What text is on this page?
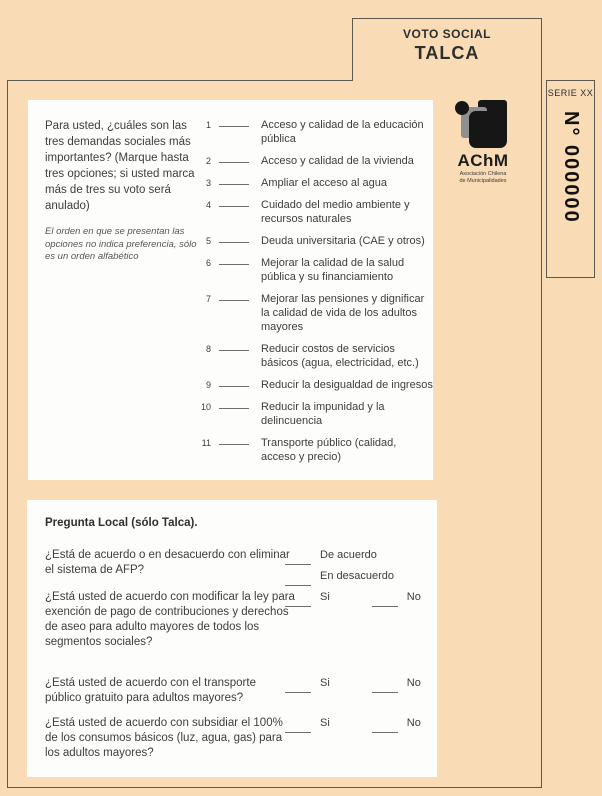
VOTO SOCIAL
TALCA
SERIE XX
N° 000000
AChM
Asociación Chilena
de Municipalidades
Para usted, ¿cuáles son las tres demandas sociales más importantes? (Marque hasta tres opciones; si usted marca más de tres su voto será anulado)
El orden en que se presentan las opciones no indica preferencia, sólo es un orden alfabético
1	Acceso y calidad de la educación pública
2	Acceso y calidad de la vivienda
3	Ampliar el acceso al agua
4	Cuidado del medio ambiente y recursos naturales
5	Deuda universitaria (CAE y otros)
6	Mejorar la calidad de la salud pública y su financiamiento
7	Mejorar las pensiones y dignificar la calidad de vida de los adultos mayores
8	Reducir costos de servicios básicos (agua, electricidad, etc.)
9	Reducir la desigualdad de ingresos
10	Reducir la impunidad y la delincuencia
11	Transporte público (calidad, acceso y precio)
Pregunta Local (sólo Talca).
¿Está de acuerdo o en desacuerdo con eliminar el sistema de AFP?
De acuerdo
En desacuerdo
¿Está usted de acuerdo con modificar la ley para exención de pago de contribuciones y derechos de aseo para adulto mayores de todos los segmentos sociales?
Si	No
¿Está usted de acuerdo con el transporte público gratuito para adultos mayores?
Si	No
¿Está usted de acuerdo con subsidiar el 100% de los consumos básicos (luz, agua, gas) para los adultos mayores?
Si	No
